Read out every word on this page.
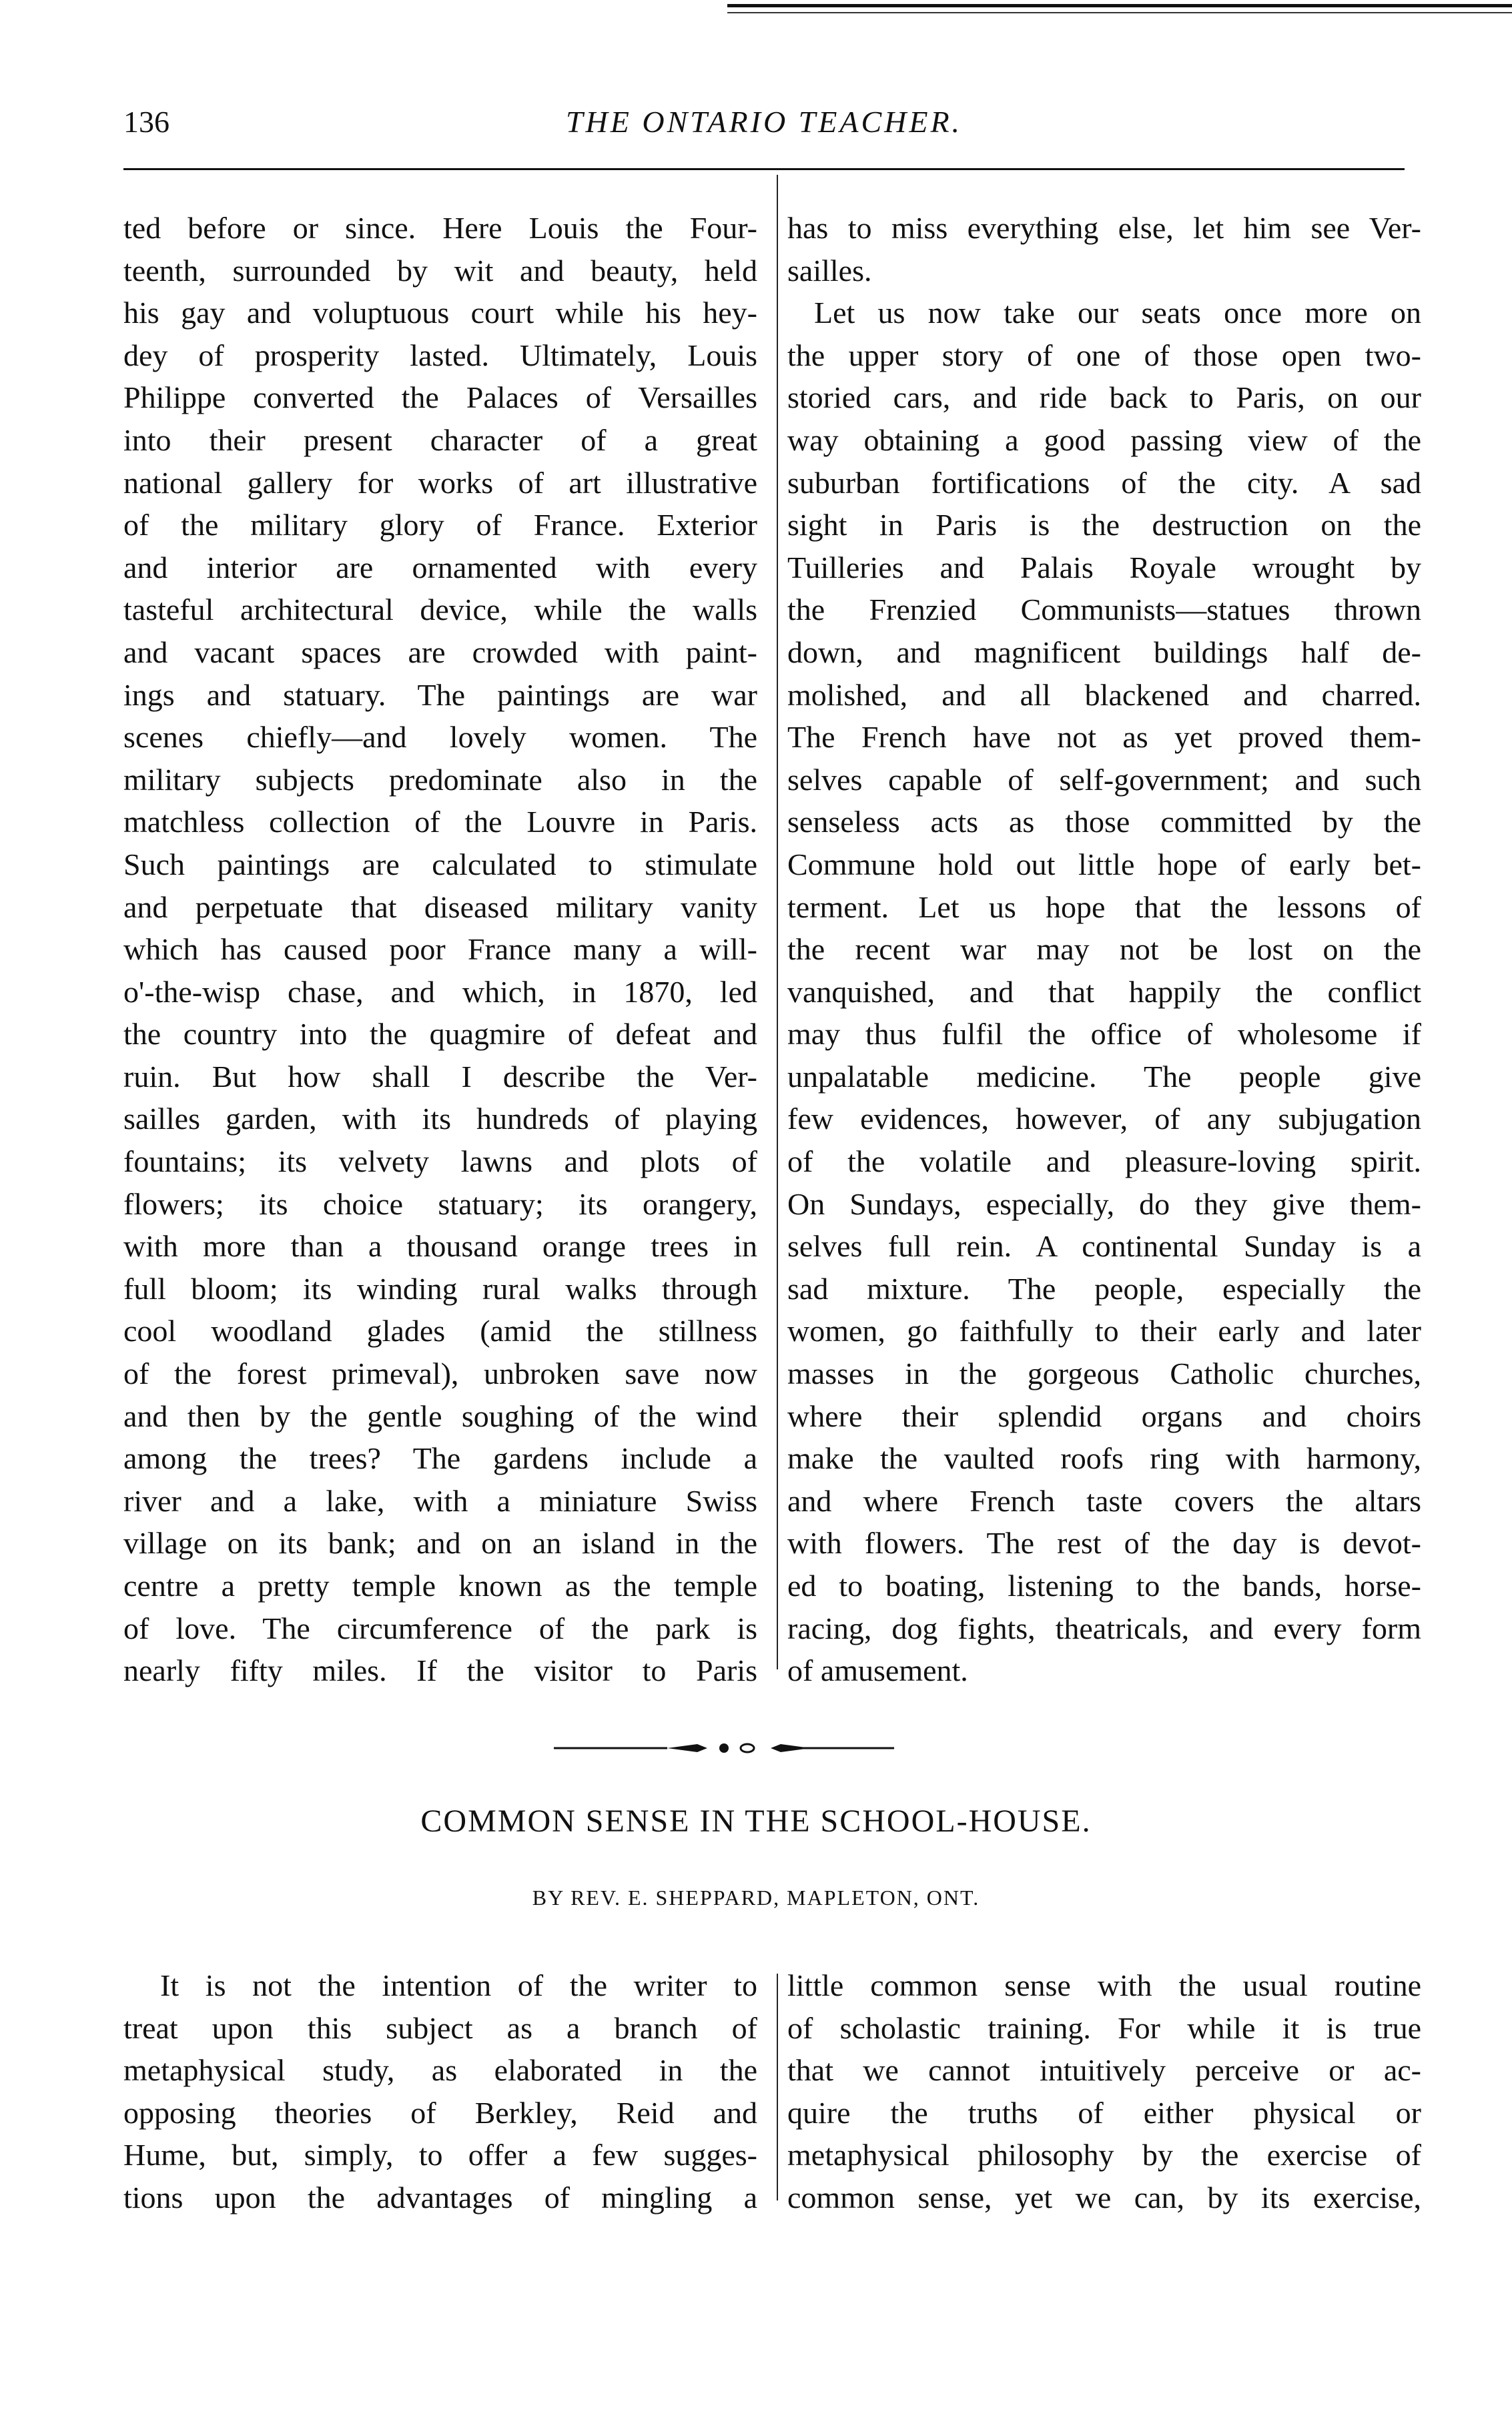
136	THE ONTARIO TEACHER.
ted before or since. Here Louis the Four-
teenth, surrounded by wit and beauty, held
his gay and voluptuous court while his hey-
dey of prosperity lasted. Ultimately, Louis
Philippe converted the Palaces of Versailles
into their present character of a great
national gallery for works of art illustrative
of the military glory of France. Exterior
and interior are ornamented with every
tasteful architectural device, while the walls
and vacant spaces are crowded with paint-
ings and statuary. The paintings are war
scenes chiefly—and lovely women. The
military subjects predominate also in the
matchless collection of the Louvre in Paris.
Such paintings are calculated to stimulate
and perpetuate that diseased military vanity
which has caused poor France many a will-
o'-the-wisp chase, and which, in 1870, led
the country into the quagmire of defeat and
ruin. But how shall I describe the Ver-
sailles garden, with its hundreds of playing
fountains; its velvety lawns and plots of
flowers; its choice statuary; its orangery,
with more than a thousand orange trees in
full bloom; its winding rural walks through
cool woodland glades (amid the stillness
of the forest primeval), unbroken save now
and then by the gentle soughing of the wind
among the trees? The gardens include a
river and a lake, with a miniature Swiss
village on its bank; and on an island in the
centre a pretty temple known as the temple
of love. The circumference of the park is
nearly fifty miles. If the visitor to Paris
has to miss everything else, let him see Ver-
sailles.
Let us now take our seats once more on
the upper story of one of those open two-
storied cars, and ride back to Paris, on our
way obtaining a good passing view of the
suburban fortifications of the city. A sad
sight in Paris is the destruction on the
Tuilleries and Palais Royale wrought by
the Frenzied Communists—statues thrown
down, and magnificent buildings half de-
molished, and all blackened and charred.
The French have not as yet proved them-
selves capable of self-government; and such
senseless acts as those committed by the
Commune hold out little hope of early bet-
terment. Let us hope that the lessons of
the recent war may not be lost on the
vanquished, and that happily the conflict
may thus fulfil the office of wholesome if
unpalatable medicine. The people give
few evidences, however, of any subjugation
of the volatile and pleasure-loving spirit.
On Sundays, especially, do they give them-
selves full rein. A continental Sunday is a
sad mixture. The people, especially the
women, go faithfully to their early and later
masses in the gorgeous Catholic churches,
where their splendid organs and choirs
make the vaulted roofs ring with harmony,
and where French taste covers the altars
with flowers. The rest of the day is devot-
ed to boating, listening to the bands, horse-
racing, dog fights, theatricals, and every form
of amusement.
COMMON SENSE IN THE SCHOOL-HOUSE.
BY REV. E. SHEPPARD, MAPLETON, ONT.
It is not the intention of the writer to
treat upon this subject as a branch of
metaphysical study, as elaborated in the
opposing theories of Berkley, Reid and
Hume, but, simply, to offer a few sugges-
tions upon the advantages of mingling a
little common sense with the usual routine
of scholastic training. For while it is true
that we cannot intuitively perceive or ac-
quire the truths of either physical or
metaphysical philosophy by the exercise of
common sense, yet we can, by its exercise,
